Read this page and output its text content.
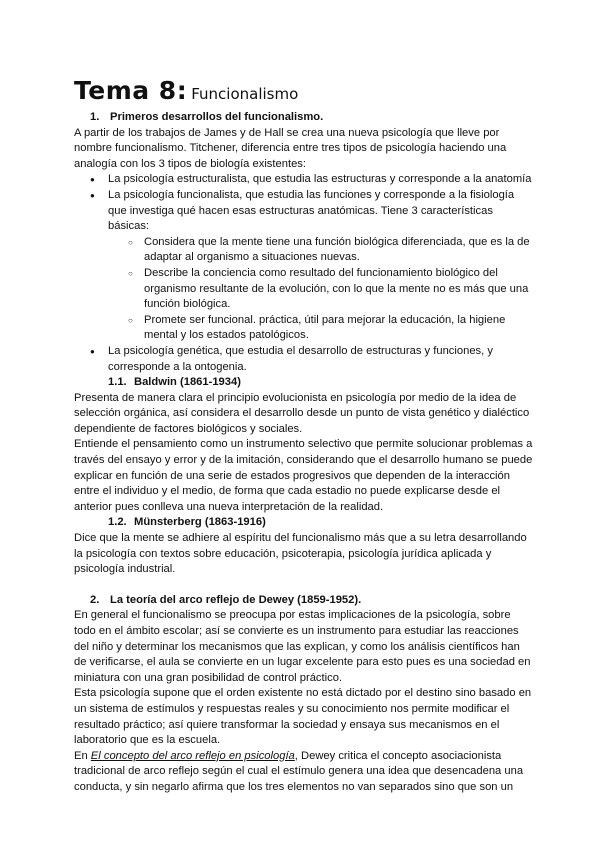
Tema 8: Funcionalismo

1. Primeros desarrollos del funcionalismo.

A partir de los trabajos de James y de Hall se crea una nueva psicología que lleve por nombre funcionalismo. Titchener, diferencia entre tres tipos de psicología haciendo una analogía con los 3 tipos de biología existentes:

● La psicología estructuralista, que estudia las estructuras y corresponde a la anatomía
● La psicología funcionalista, que estudia las funciones y corresponde a la fisiología que investiga qué hacen esas estructuras anatómicas. Tiene 3 características básicas:
○ Considera que la mente tiene una función biológica diferenciada, que es la de adaptar al organismo a situaciones nuevas.
○ Describe la conciencia como resultado del funcionamiento biológico del organismo resultante de la evolución, con lo que la mente no es más que una función biológica.
○ Promete ser funcional. práctica, útil para mejorar la educación, la higiene mental y los estados patológicos.
● La psicología genética, que estudia el desarrollo de estructuras y funciones, y corresponde a la ontogenia.

1.1. Baldwin (1861-1934)

Presenta de manera clara el principio evolucionista en psicología por medio de la idea de selección orgánica, así considera el desarrollo desde un punto de vista genético y dialéctico dependiente de factores biológicos y sociales.

Entiende el pensamiento como un instrumento selectivo que permite solucionar problemas a través del ensayo y error y de la imitación, considerando que el desarrollo humano se puede explicar en función de una serie de estados progresivos que dependen de la interacción entre el individuo y el medio, de forma que cada estadio no puede explicarse desde el anterior pues conlleva una nueva interpretación de la realidad.

1.2. Münsterberg (1863-1916)

Dice que la mente se adhiere al espíritu del funcionalismo más que a su letra desarrollando la psicología con textos sobre educación, psicoterapia, psicología jurídica aplicada y psicología industrial.

2. La teoría del arco reflejo de Dewey (1859-1952).

En general el funcionalismo se preocupa por estas implicaciones de la psicología, sobre todo en el ámbito escolar; así se convierte es un instrumento para estudiar las reacciones del niño y determinar los mecanismos que las explican, y como los análisis científicos han de verificarse, el aula se convierte en un lugar excelente para esto pues es una sociedad en miniatura con una gran posibilidad de control práctico.

Esta psicología supone que el orden existente no está dictado por el destino sino basado en un sistema de estímulos y respuestas reales y su conocimiento nos permite modificar el resultado práctico; así quiere transformar la sociedad y ensaya sus mecanismos en el laboratorio que es la escuela.

En El concepto del arco reflejo en psicología, Dewey critica el concepto asociacionista tradicional de arco reflejo según el cual el estímulo genera una idea que desencadena una conducta, y sin negarlo afirma que los tres elementos no van separados sino que son un
